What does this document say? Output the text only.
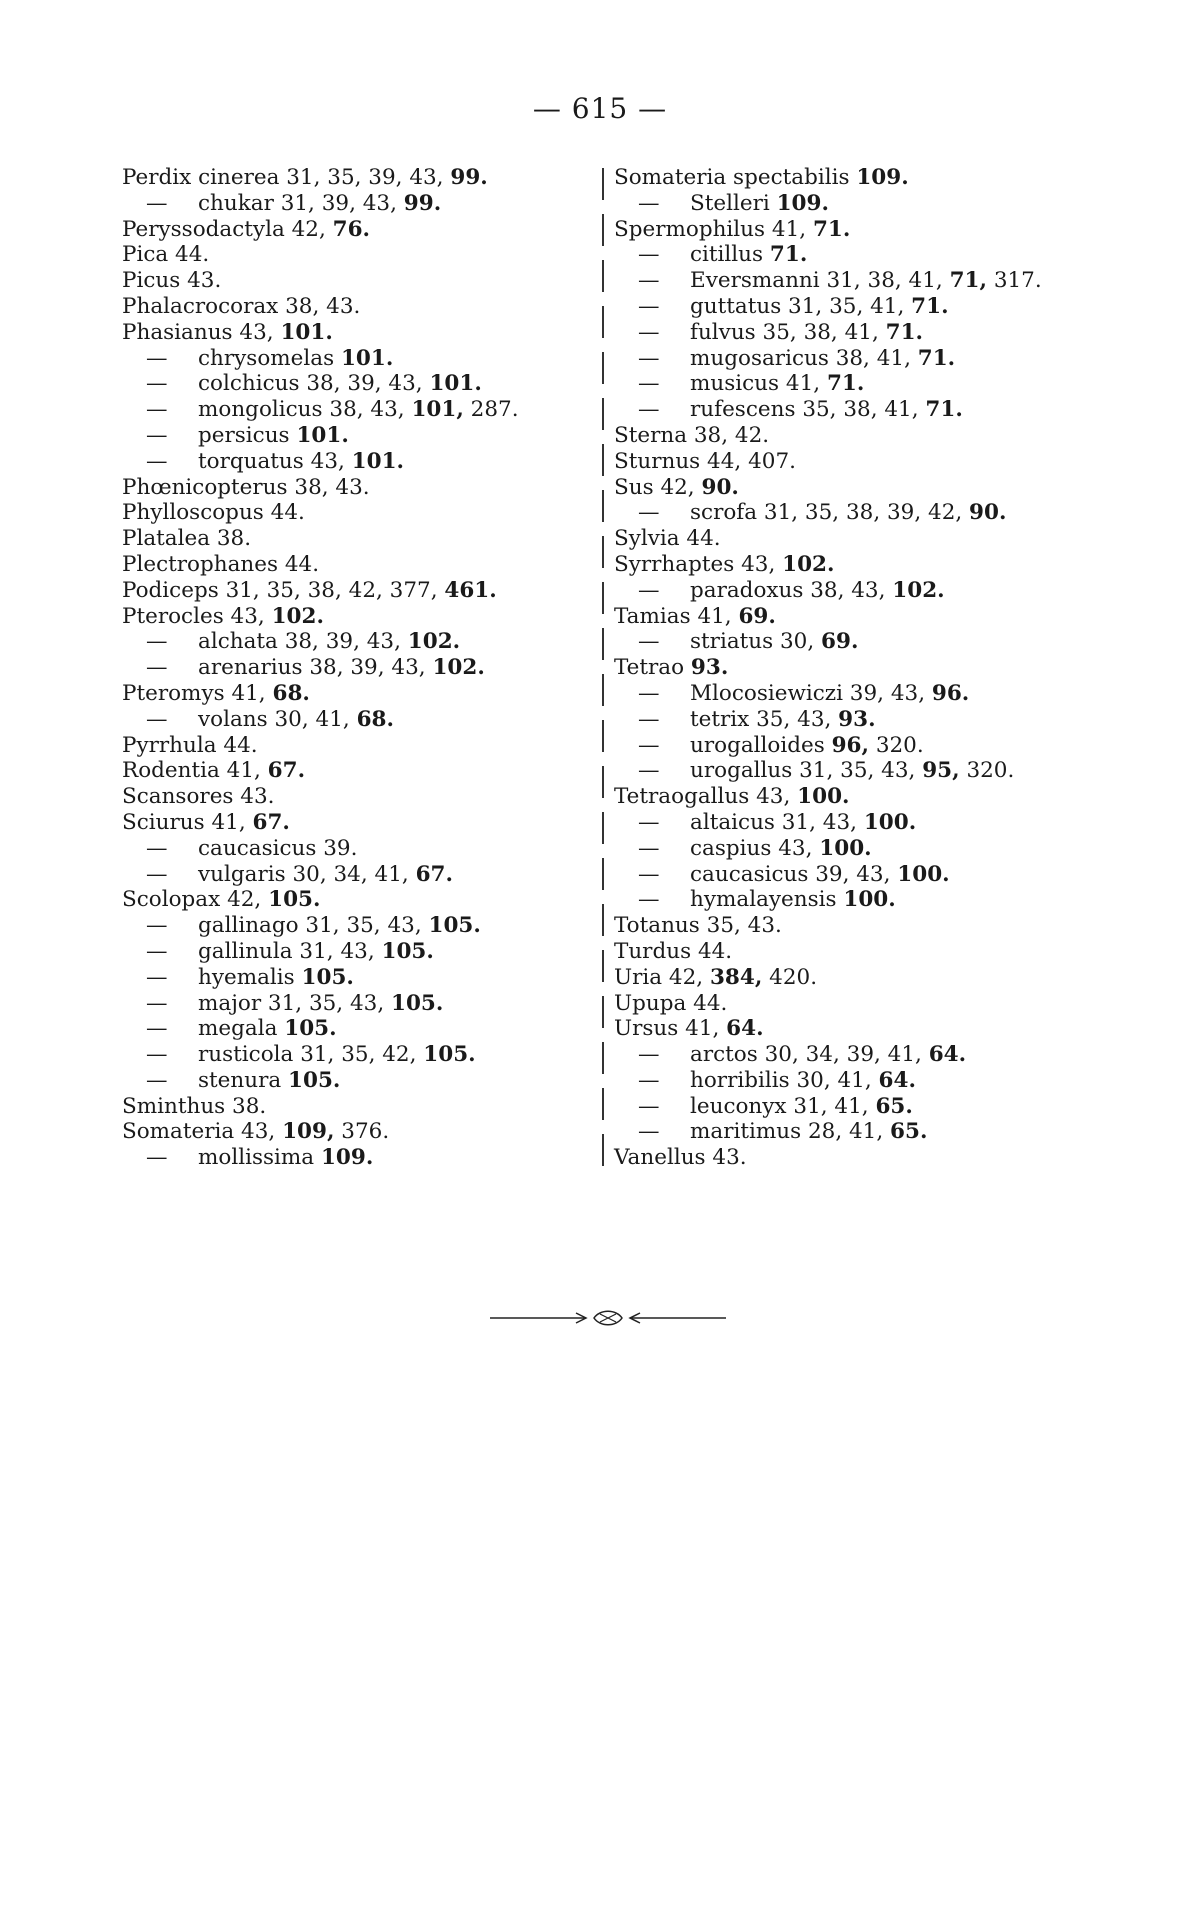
— 615 —
Perdix cinerea 31, 35, 39, 43, 99.
— chukar 31, 39, 43, 99.
Peryssodactyla 42, 76.
Pica 44.
Picus 43.
Phalacrocorax 38, 43.
Phasianus 43, 101.
— chrysomelas 101.
— colchicus 38, 39, 43, 101.
— mongolicus 38, 43, 101, 287.
— persicus 101.
— torquatus 43, 101.
Phœnicopterus 38, 43.
Phylloscopus 44.
Platalea 38.
Plectrophanes 44.
Podiceps 31, 35, 38, 42, 377, 461.
Pterocles 43, 102.
— alchata 38, 39, 43, 102.
— arenarius 38, 39, 43, 102.
Pteromys 41, 68.
— volans 30, 41, 68.
Pyrrhula 44.
Rodentia 41, 67.
Scansores 43.
Sciurus 41, 67.
— caucasicus 39.
— vulgaris 30, 34, 41, 67.
Scolopax 42, 105.
— gallinago 31, 35, 43, 105.
— gallinula 31, 43, 105.
— hyemalis 105.
— major 31, 35, 43, 105.
— megala 105.
— rusticola 31, 35, 42, 105.
— stenura 105.
Sminthus 38.
Somateria 43, 109, 376.
— mollissima 109.
Somateria spectabilis 109.
— Stelleri 109.
Spermophilus 41, 71.
— citillus 71.
— Eversmanni 31, 38, 41, 71, 317.
— guttatus 31, 35, 41, 71.
— fulvus 35, 38, 41, 71.
— mugosaricus 38, 41, 71.
— musicus 41, 71.
— rufescens 35, 38, 41, 71.
Sterna 38, 42.
Sturnus 44, 407.
Sus 42, 90.
— scrofa 31, 35, 38, 39, 42, 90.
Sylvia 44.
Syrrhaptes 43, 102.
— paradoxus 38, 43, 102.
Tamias 41, 69.
— striatus 30, 69.
Tetrao 93.
— Mlocosiewiczi 39, 43, 96.
— tetrix 35, 43, 93.
— urogalloides 96, 320.
— urogallus 31, 35, 43, 95, 320.
Tetraogallus 43, 100.
— altaicus 31, 43, 100.
— caspius 43, 100.
— caucasicus 39, 43, 100.
— hymalayensis 100.
Totanus 35, 43.
Turdus 44.
Uria 42, 384, 420.
Upupa 44.
Ursus 41, 64.
— arctos 30, 34, 39, 41, 64.
— horribilis 30, 41, 64.
— leuconyx 31, 41, 65.
— maritimus 28, 41, 65.
Vanellus 43.
